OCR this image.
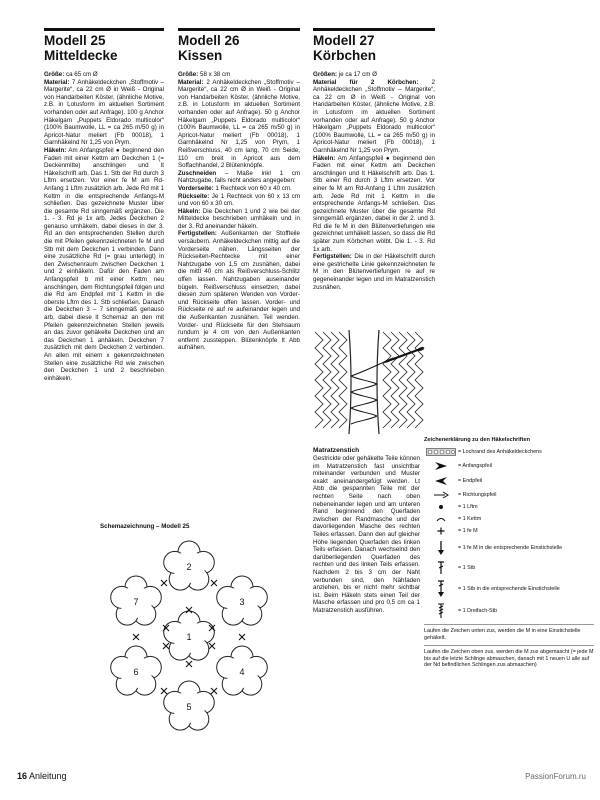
Modell 25
Mitteldecke

Größe: ca 65 cm Ø

Material: 7 Anhäkeldeckchen „Stoffmotiv – Margerite“, ca 22 cm Ø in Weiß - Original von Handarbeiten Köster, (ähnliche Motive, z.B. in Lotusform im aktuellen Sortiment vorhanden oder auf Anfrage). 100 g Anchor Häkelgarn „Puppets Eldorado multicolor“ (100% Baumwolle, LL = ca 265 m/50 g) in Apricot-Natur meliert (Fb 00018), 1 Garnhäkelnd Nr 1,25 von Prym.

Häkeln: Am Anfangspfeil ● beginnend den Faden mit einer Kettm am Deckchen 1 (= Deckenmitte) anschlingen und lt Häkelschrift arb. Das 1. Stb der Rd durch 3 Lftm ersetzen. Vor einer fe M am Rd-Anfang 1 Lftm zusätzlich arb. Jede Rd mit 1 Kettm in die entsprechende Anfangs-M schließen. Das gezeichnete Muster über die gesamte Rd sinngemäß ergänzen. Die 1. - 3. Rd je 1x arb. Jedes Deckchen 2 genauso umhäkeln, dabei dieses in der 3. Rd an den entsprechenden Stellen durch die mit Pfeilen gekennzeichneten fe M und Stb mit dem Deckchen 1 verbinden. Dann eine zusätzliche Rd (= grau unterlegt) in den Zwischenraum zwischen Deckchen 1 und 2 einhäkeln. Dafür den Faden am Anfangspfeil b mit einer Kettm neu anschlingen, dem Richtungspfeil folgen und die Rd am Endpfeil mit 1 Kettm in die oberste Lftm des 1. Stb schließen. Danach die Deckchen 3 – 7 sinngemäß genauso arb, dabei diese lt Schemaz an den mit Pfeilen gekennzeichneten Stellen jeweils an das zuvor gehäkelte Deckchen und an das Deckchen 1 anhäkeln. Deckchen 7 zusätzlich mit dem Deckchen 2 verbinden. An allen mit einem x gekennzeichneten Stellen eine zusätzliche Rd wie zwischen den Deckchen 1 und 2 beschrieben einhäkeln.

Modell 26
Kissen

Größe: 58 x 38 cm

Material: 2 Anhäkeldeckchen „Stoffmotiv – Margerite“, ca 22 cm Ø in Weiß - Original von Handarbeiten Köster, (ähnliche Motive, z.B. in Lotusform im aktuellen Sortiment vorhanden oder auf Anfrage). 50 g Anchor Häkelgarn „Puppets Eldorado multicolor“ (100% Baumwolle, LL = ca 265 m/50 g) in Apricot-Natur meliert (Fb 00018), 1 Garnhäkelnd Nr 1,25 von Prym, 1 Reißverschluss, 40 cm lang, 70 cm Seide, 110 cm breit in Apricot aus dem Soffachhandel, 2 Blütenknöpfe.

Zuschneiden – Maße inkl 1 cm Nahtzugabe, falls nicht anders angegeben:

Vorderseite: 1 Rechteck von 60 x 40 cm.

Rückseite: Je 1 Rechteck von 60 x 13 cm und von 60 x 30 cm.

Häkeln: Die Deckchen 1 und 2 wie bei der Mitteldecke beschrieben umhäkeln und in der 3. Rd aneinander häkeln.

Fertigstellen: Außenkanten der Stoffteile versäubern. Anhäkeldeckchen mittig auf die Vorderseite nähen. Längsseiten der Rückseiten-Rechtecke mit einer Nahtzugabe von 1,5 cm zusnähen, dabei die mittl 40 cm als Reißverschluss-Schlitz offen lassen. Nahtzugaben auseinander bügeln. Reißverschluss einsetzen, dabei diesen zum späteren Wenden von Vorder- und Rückseite offen lassen. Vorder- und Rückseite re auf re aufeinander legen und die Außenkanten zusnähen. Teil wenden. Vorder- und Rückseite für den Stehsaum rundum je 4 cm von den Außenkanten entfernt zussteppen. Blütenknöpfe lt Abb aufnähen.

Modell 27
Körbchen

Größen: je ca 17 cm Ø

Material für 2 Körbchen: 2 Anhäkeldeckchen „Stoffmotiv – Margerite“, ca 22 cm Ø in Weiß - Original von Handarbeiten Köster, (ähnliche Motive, z.B. in Lotusform im aktuellen Sortiment vorhanden oder auf Anfrage). 50 g Anchor Häkelgarn „Puppets Eldorado multicolor“ (100% Baumwolle, LL = ca 265 m/50 g) in Apricot-Natur meliert (Fb 00018), 1 Garnhäkelnd Nr 1,25 von Prym.

Häkeln: Am Anfangspfeil ● beginnend den Faden mit einer Kettm am Deckchen anschlingen und lt Häkelschrift arb. Das 1. Stb einer Rd durch 3 Lftm ersetzen. Vor einer fe M am Rd-Anfang 1 Lftm zusätzlich arb. Jede Rd mit 1 Kettm in die entsprechende Anfangs-M schließen. Das gezeichnete Muster über die gesamte Rd sinngemäß ergänzen, dabei in der 2. und 3. Rd die fe M in den Blütenvertiefungen wie gezeichnet umhäkelt lassen, so dass die Rd später zum Körbchen wölbt. Die 1. - 3. Rd 1x arb.

Fertigstellen: Die in der Häkelschrift durch eine gestrichelte Linie gekennzeichneten fe M in den Blütenvertiefungen re auf re gegeneinander legen und im Matratzenstich zusnähen.

Matratzenstich
Gestrickte oder gehäkelte Teile können im Matratzenstich fast unsichtbar miteinander verbunden und Muster exakt aneinandergefügt werden. Lt Abb die gespannten Teile mit der rechten Seite nach oben nebeneinander legen und am unteren Rand beginnend den Querfaden zwischen der Randmasche und der davorliegenden Masche des rechten Teiles erfassen. Dann den auf gleicher Höhe liegenden Querfaden des linken Teils erfassen. Danach wechselnd den darüberliegenden Querfaden des rechten und des linken Teils erfassen. Nachdem 2 bis 3 cm der Naht verbunden sind, den Nähfaden anziehen, bis er nicht mehr sichtbar ist. Beim Häkeln stets einen Teil der Masche erfassen und pro 0,5 cm ca 1 Matratzenstich ausführen.
Zeichenerklärung zu den Häkelschriften
= Lochrand des Anhäkeldeckchens
= Anfangspfeil
= Endpfeil
= Richtungspfeil
= 1 Lftm
= 1 Kettm
= 1 fe M
= 1 fe M in die entsprechende Einstichstelle
= 1 Stb
= 1 Stb in die entsprechende Einstichstelle
= 1 Dreifach-Stb
Laufen die Zeichen unten zus, werden die M in eine Einstichstelle gehäkelt.
Laufen die Zeichen oben zus, werden die M zus abgemascht (= jede M bis auf die letzte Schlinge abmaschen, danach mit 1 neuen U alle auf der Nd befindlichen Schlingen zus abmaschen)
Schemazeichnung – Modell 25
1
2
3
4
5
6
7
16 Anleitung	PassionForum.ru
